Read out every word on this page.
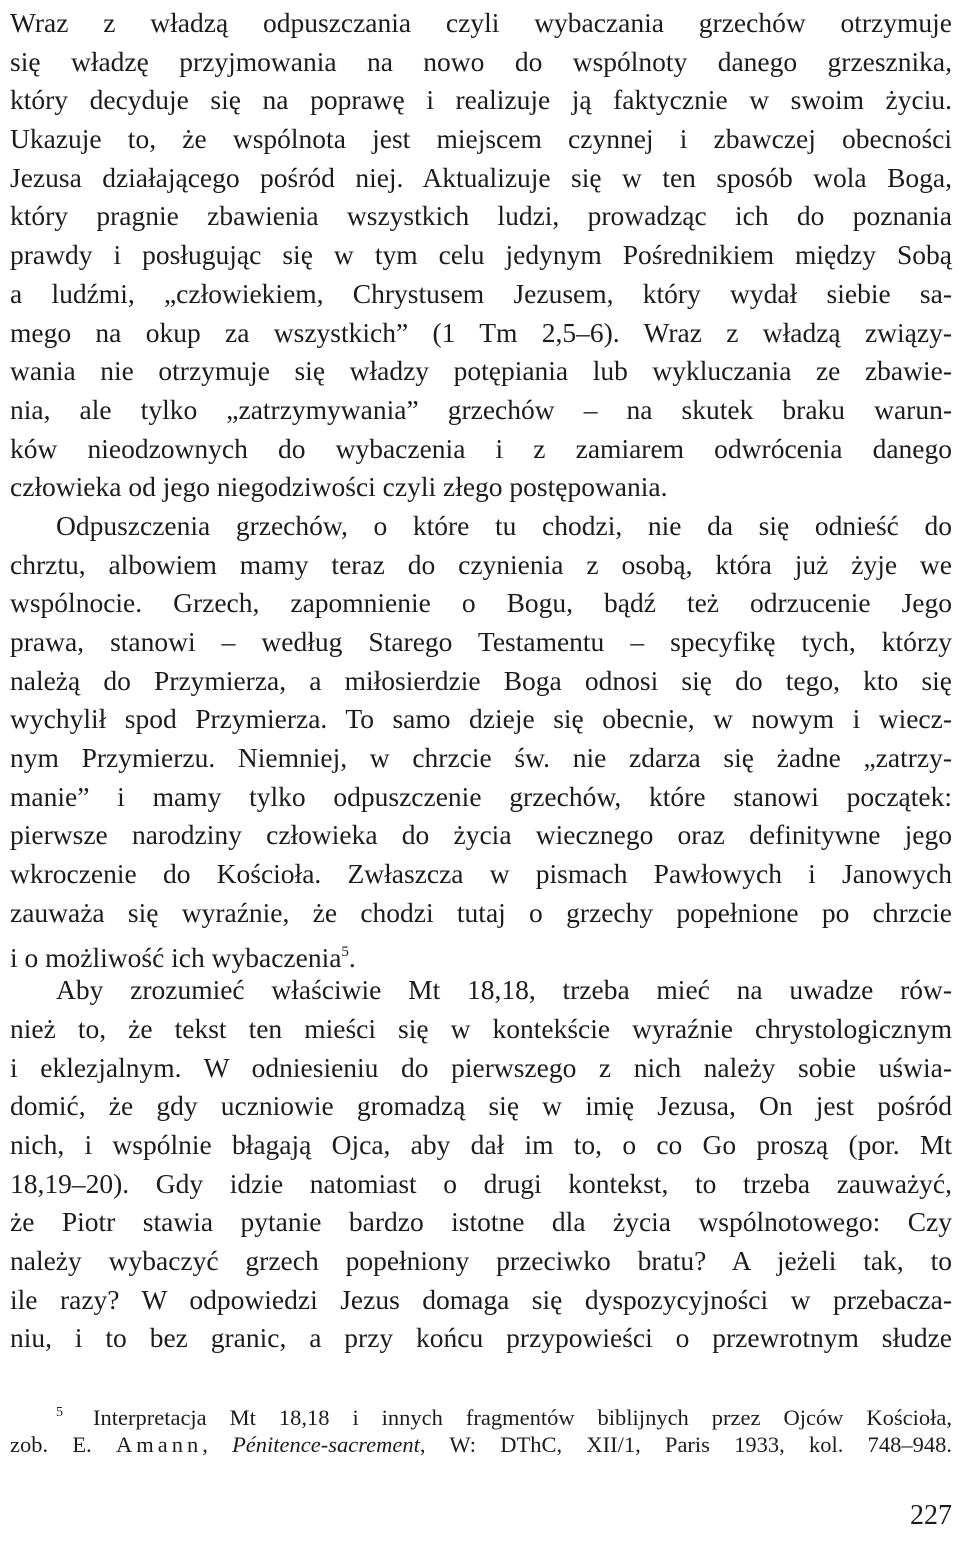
Wraz z władzą odpuszczania czyli wybaczania grzechów otrzymuje
się władzę przyjmowania na nowo do wspólnoty danego grzesznika,
który decyduje się na poprawę i realizuje ją faktycznie w swoim życiu.
Ukazuje to, że wspólnota jest miejscem czynnej i zbawczej obecności
Jezusa działającego pośród niej. Aktualizuje się w ten sposób wola Boga,
który pragnie zbawienia wszystkich ludzi, prowadząc ich do poznania
prawdy i posługując się w tym celu jedynym Pośrednikiem między Sobą
a ludźmi, „człowiekiem, Chrystusem Jezusem, który wydał siebie sa-
mego na okup za wszystkich” (1 Tm 2,5–6). Wraz z władzą związy-
wania nie otrzymuje się władzy potępiania lub wykluczania ze zbawie-
nia, ale tylko „zatrzymywania” grzechów – na skutek braku warun-
ków nieodzownych do wybaczenia i z zamiarem odwrócenia danego
człowieka od jego niegodziwości czyli złego postępowania.
Odpuszczenia grzechów, o które tu chodzi, nie da się odnieść do
chrztu, albowiem mamy teraz do czynienia z osobą, która już żyje we
wspólnocie. Grzech, zapomnienie o Bogu, bądź też odrzucenie Jego
prawa, stanowi – według Starego Testamentu – specyfikę tych, którzy
należą do Przymierza, a miłosierdzie Boga odnosi się do tego, kto się
wychylił spod Przymierza. To samo dzieje się obecnie, w nowym i wiecz-
nym Przymierzu. Niemniej, w chrzcie św. nie zdarza się żadne „zatrzy-
manie” i mamy tylko odpuszczenie grzechów, które stanowi początek:
pierwsze narodziny człowieka do życia wiecznego oraz definitywne jego
wkroczenie do Kościoła. Zwłaszcza w pismach Pawłowych i Janowych
zauważa się wyraźnie, że chodzi tutaj o grzechy popełnione po chrzcie
i o możliwość ich wybaczenia$^5$.
Aby zrozumieć właściwie Mt 18,18, trzeba mieć na uwadze rów-
nież to, że tekst ten mieści się w kontekście wyraźnie chrystologicznym
i eklezjalnym. W odniesieniu do pierwszego z nich należy sobie uświa-
domić, że gdy uczniowie gromadzą się w imię Jezusa, On jest pośród
nich, i wspólnie błagają Ojca, aby dał im to, o co Go proszą (por. Mt
18,19–20). Gdy idzie natomiast o drugi kontekst, to trzeba zauważyć,
że Piotr stawia pytanie bardzo istotne dla życia wspólnotowego: Czy
należy wybaczyć grzech popełniony przeciwko bratu? A jeżeli tak, to
ile razy? W odpowiedzi Jezus domaga się dyspozycyjności w przebacza-
niu, i to bez granic, a przy końcu przypowieści o przewrotnym słudze
$^5$ Interpretacja Mt 18,18 i innych fragmentów biblijnych przez Ojców Kościoła,
zob. E. Amann, Pénitence-sacrement, W: DThC, XII/1, Paris 1933, kol. 748–948.
227
